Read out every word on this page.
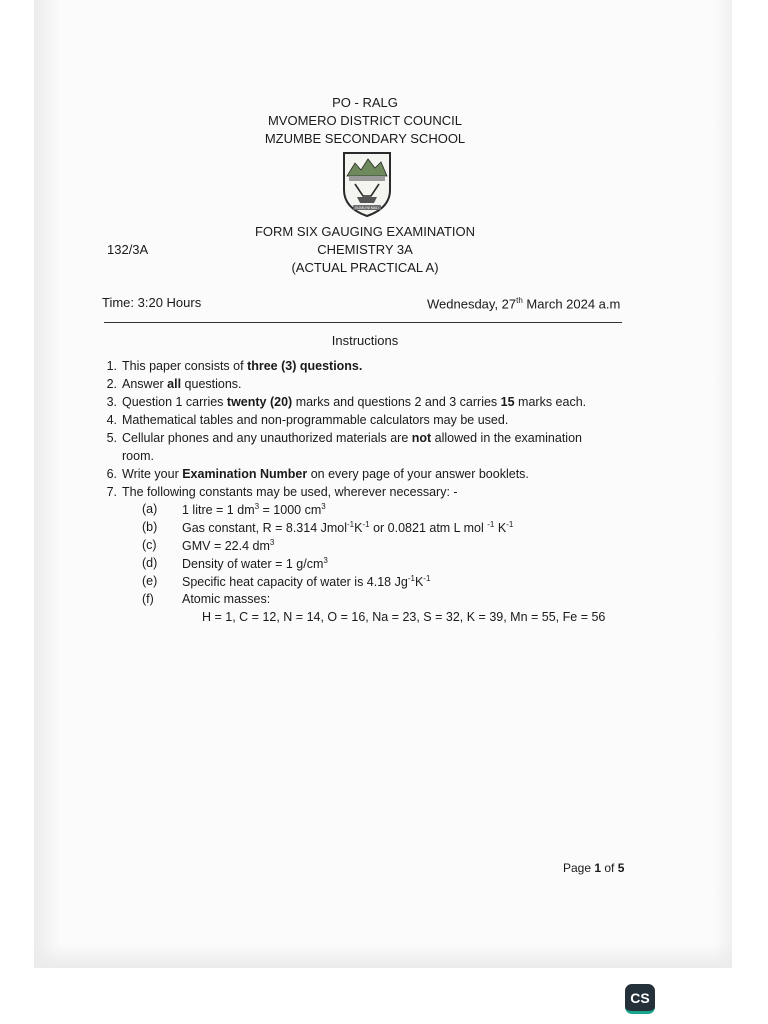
PO - RALG
MVOMERO DISTRICT COUNCIL
MZUMBE SECONDARY SCHOOL
ELIMU NI MALI
FORM SIX GAUGING EXAMINATION
CHEMISTRY 3A
(ACTUAL PRACTICAL A)
132/3A
Time: 3:20 Hours	Wednesday, 27th March 2024 a.m
Instructions
1. This paper consists of three (3) questions.
2. Answer all questions.
3. Question 1 carries twenty (20) marks and questions 2 and 3 carries 15 marks each.
4. Mathematical tables and non-programmable calculators may be used.
5. Cellular phones and any unauthorized materials are not allowed in the examination
room.
6. Write your Examination Number on every page of your answer booklets.
7. The following constants may be used, wherever necessary: -
(a) 1 litre = 1 $dm^3 = 1000$ $cm^3$
(b) Gas constant, R = 8.314 $Jmol^{-1}K^{-1}$ or 0.0821 atm L mol $^{-1}$ $K^{-1}$
(c) GMV = 22.4 $dm^3$
(d) Density of water = 1 $g/cm^3$
(e) Specific heat capacity of water is 4.18 $Jg^{-1}K^{-1}$
(f) Atomic masses:
H = 1, C = 12, N = 14, O = 16, Na = 23, S = 32, K = 39, Mn = 55, Fe = 56
Page 1 of 5
CS
